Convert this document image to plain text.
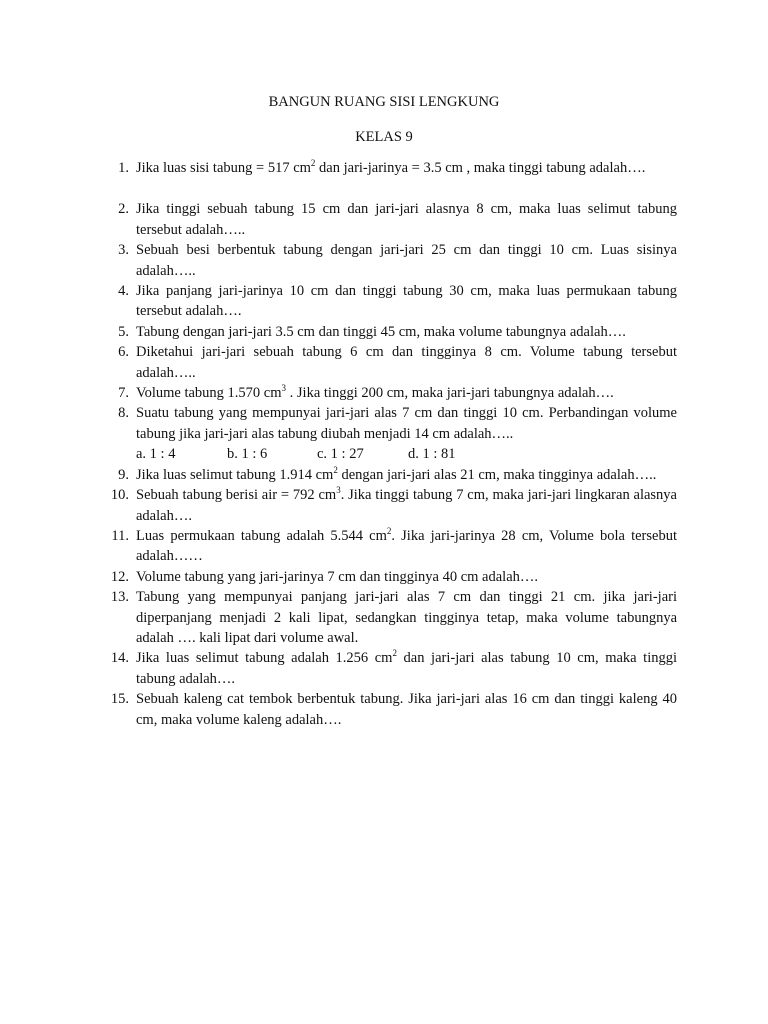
BANGUN RUANG SISI LENGKUNG
KELAS 9
1. Jika luas sisi tabung = 517 $cm^2$ dan jari-jarinya = 3.5 cm , maka tinggi tabung adalah….
2. Jika tinggi sebuah tabung 15 cm dan jari-jari alasnya 8 cm, maka luas selimut tabung tersebut adalah…..
3. Sebuah besi berbentuk tabung dengan jari-jari 25 cm dan tinggi 10 cm. Luas sisinya adalah…..
4. Jika panjang jari-jarinya 10 cm dan tinggi tabung 30 cm, maka luas permukaan tabung tersebut adalah….
5. Tabung dengan jari-jari 3.5 cm dan tinggi 45 cm, maka volume tabungnya adalah….
6. Diketahui jari-jari sebuah tabung 6 cm dan tingginya 8 cm. Volume tabung tersebut adalah…..
7. Volume tabung 1.570 $cm^3$ . Jika tinggi 200 cm, maka jari-jari tabungnya adalah….
8. Suatu tabung yang mempunyai jari-jari alas 7 cm dan tinggi 10 cm. Perbandingan volume tabung jika jari-jari alas tabung diubah menjadi 14 cm adalah…..
a. 1 : 4	b. 1 : 6	c. 1 : 27	d. 1 : 81
9. Jika luas selimut tabung 1.914 $cm^2$ dengan jari-jari alas 21 cm, maka tingginya adalah…..
10. Sebuah tabung berisi air = 792 $cm^3$. Jika tinggi tabung 7 cm, maka jari-jari lingkaran alasnya adalah….
11. Luas permukaan tabung adalah 5.544 $cm^2$. Jika jari-jarinya 28 cm, Volume bola tersebut adalah……
12. Volume tabung yang jari-jarinya 7 cm dan tingginya 40 cm adalah….
13. Tabung yang mempunyai panjang jari-jari alas 7 cm dan tinggi 21 cm. jika jari-jari diperpanjang menjadi 2 kali lipat, sedangkan tingginya tetap, maka volume tabungnya adalah …. kali lipat dari volume awal.
14. Jika luas selimut tabung adalah 1.256 $cm^2$ dan jari-jari alas tabung 10 cm, maka tinggi tabung adalah….
15. Sebuah kaleng cat tembok berbentuk tabung. Jika jari-jari alas 16 cm dan tinggi kaleng 40 cm, maka volume kaleng adalah….
